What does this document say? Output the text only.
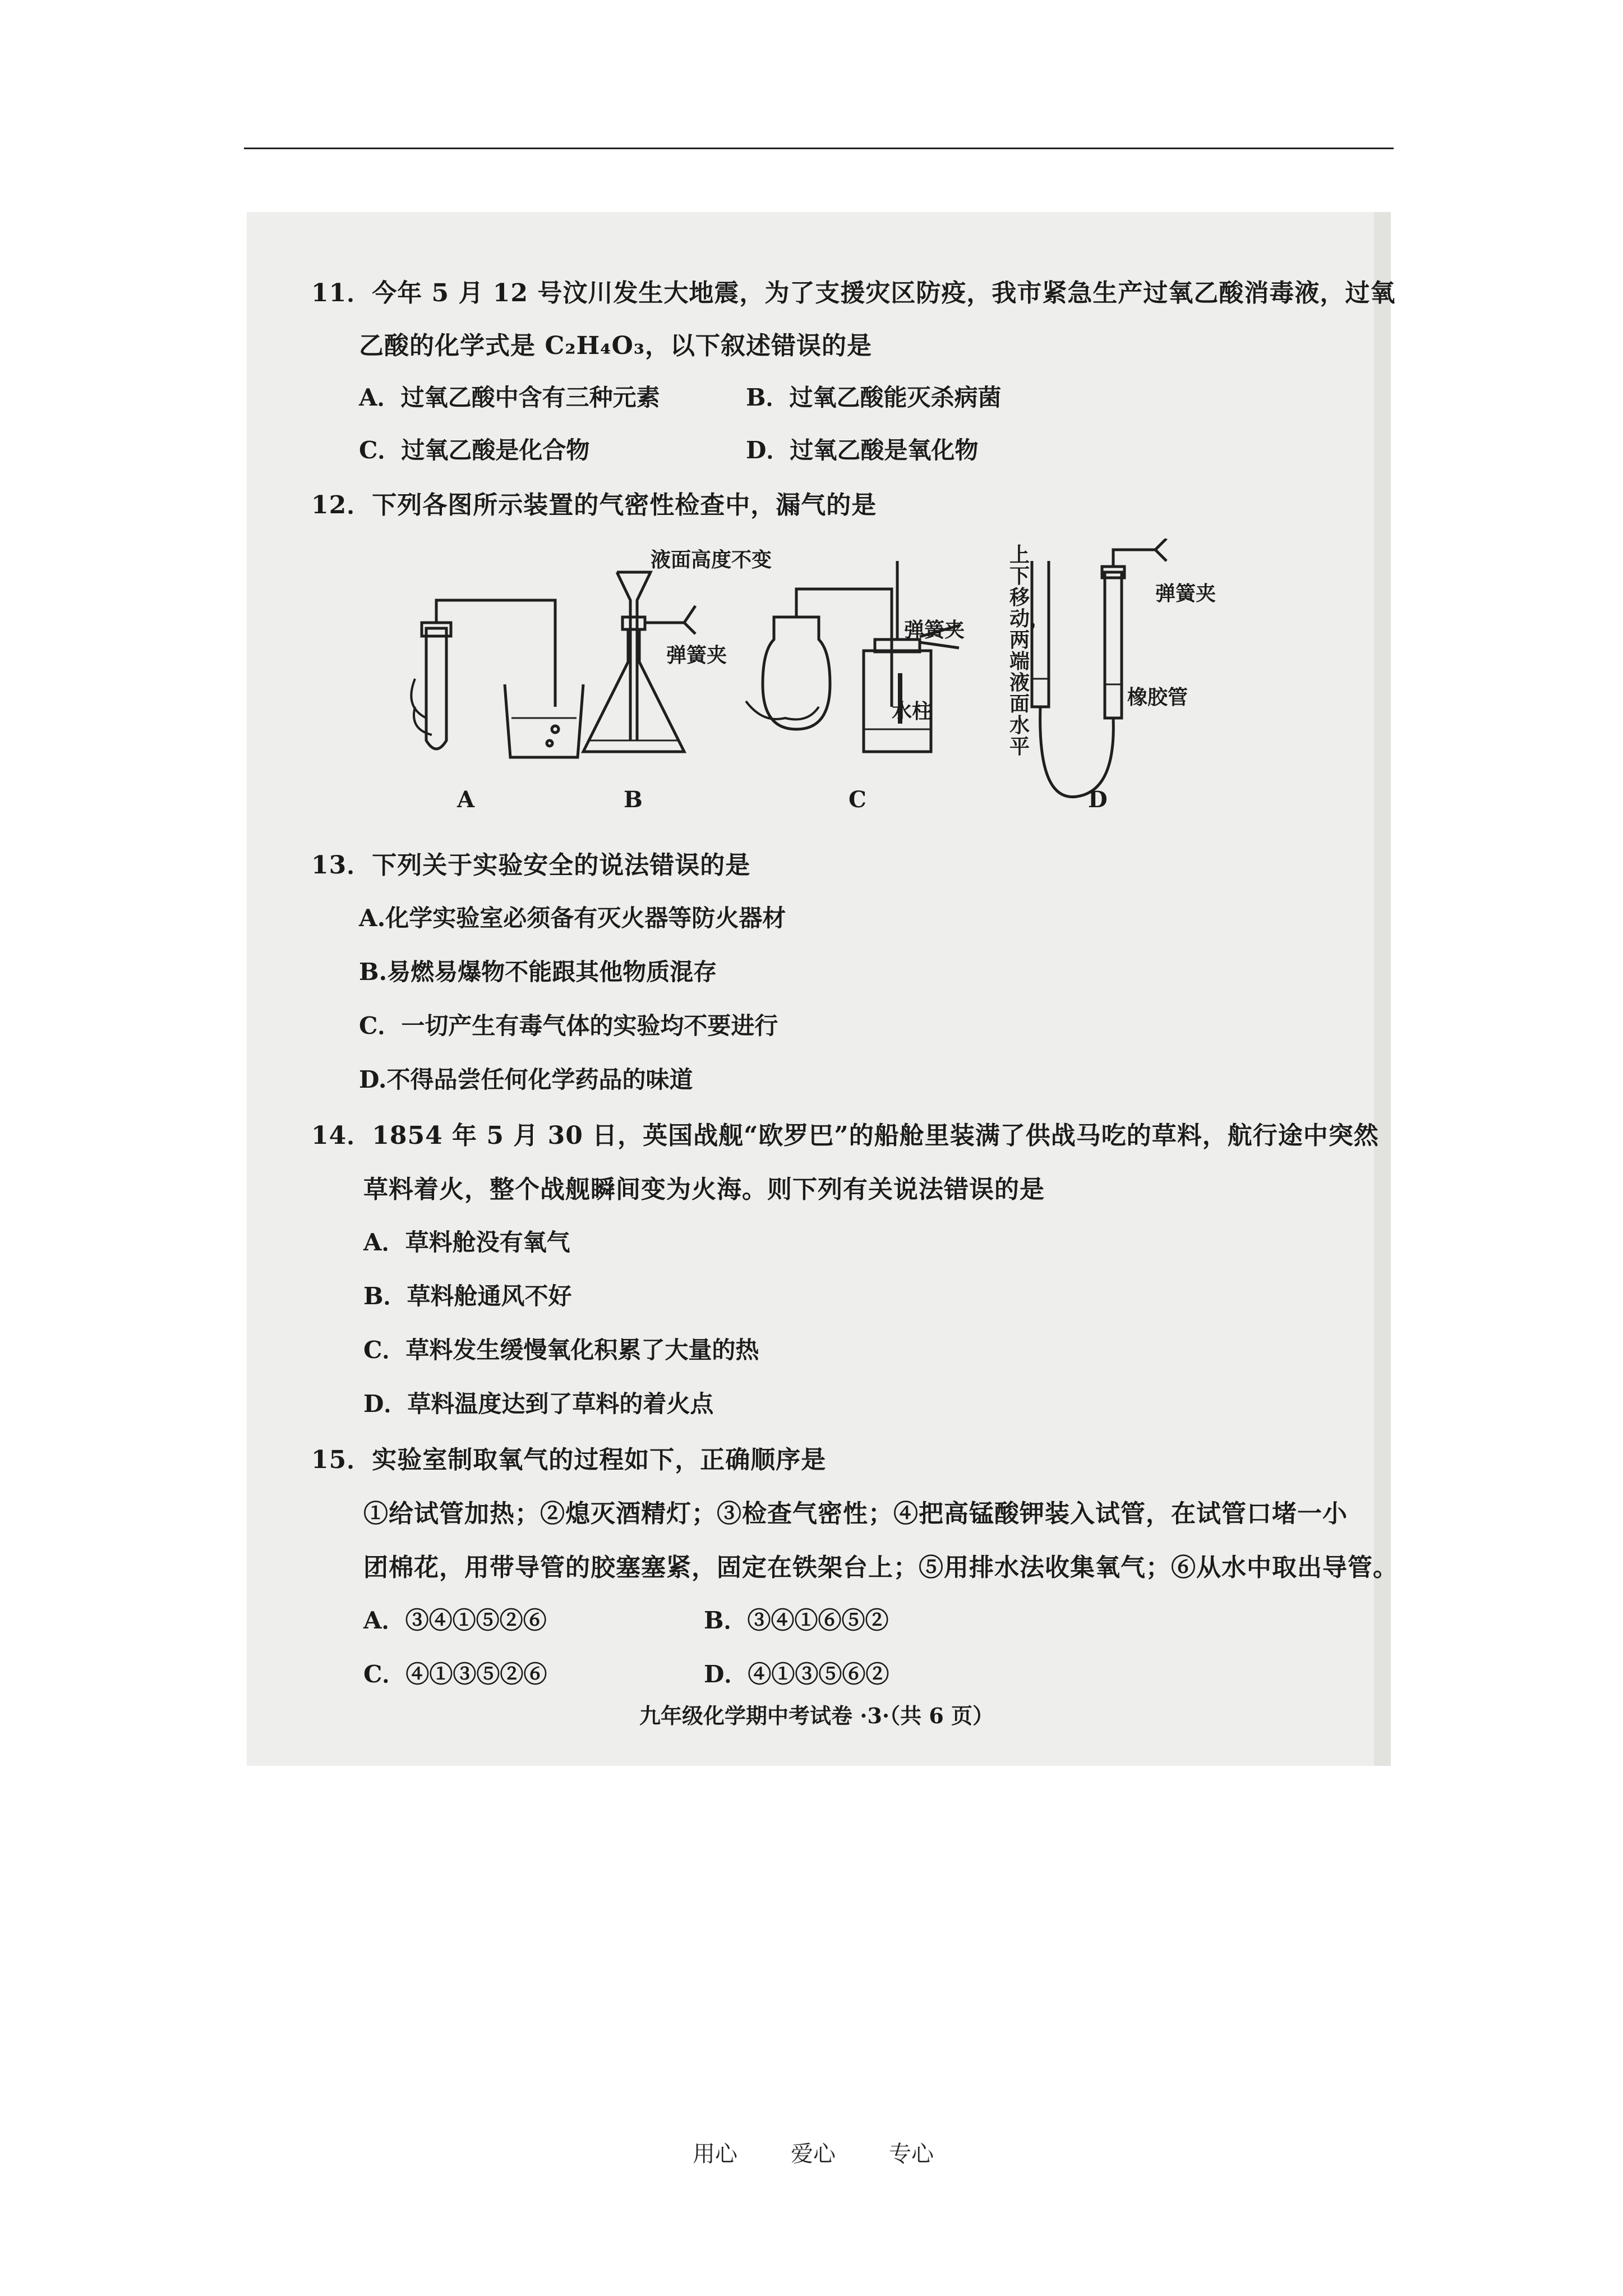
11．今年 5 月 12 号汶川发生大地震，为了支援灾区防疫，我市紧急生产过氧乙酸消毒液，过氧
乙酸的化学式是 C₂H₄O₃，以下叙述错误的是
A．过氧乙酸中含有三种元素	B．过氧乙酸能灭杀病菌
C．过氧乙酸是化合物	D．过氧乙酸是氧化物
12．下列各图所示装置的气密性检查中，漏气的是
液面高度不变
弹簧夹
弹簧夹
水柱
上下移动，两端液面水平
弹簧夹
橡胶管
A	B	C	D
13．下列关于实验安全的说法错误的是
A.化学实验室必须备有灭火器等防火器材
B.易燃易爆物不能跟其他物质混存
C．一切产生有毒气体的实验均不要进行
D.不得品尝任何化学药品的味道
14．1854 年 5 月 30 日，英国战舰“欧罗巴”的船舱里装满了供战马吃的草料，航行途中突然
草料着火，整个战舰瞬间变为火海。则下列有关说法错误的是
A．草料舱没有氧气
B．草料舱通风不好
C．草料发生缓慢氧化积累了大量的热
D．草料温度达到了草料的着火点
15．实验室制取氧气的过程如下，正确顺序是
①给试管加热；②熄灭酒精灯；③检查气密性；④把高锰酸钾装入试管，在试管口堵一小
团棉花，用带导管的胶塞塞紧，固定在铁架台上；⑤用排水法收集氧气；⑥从水中取出导管。
A．③④①⑤②⑥	B．③④①⑥⑤②
C．④①③⑤②⑥	D．④①③⑤⑥②
九年级化学期中考试卷 ·3·（共 6 页）
用心 爱心 专心
